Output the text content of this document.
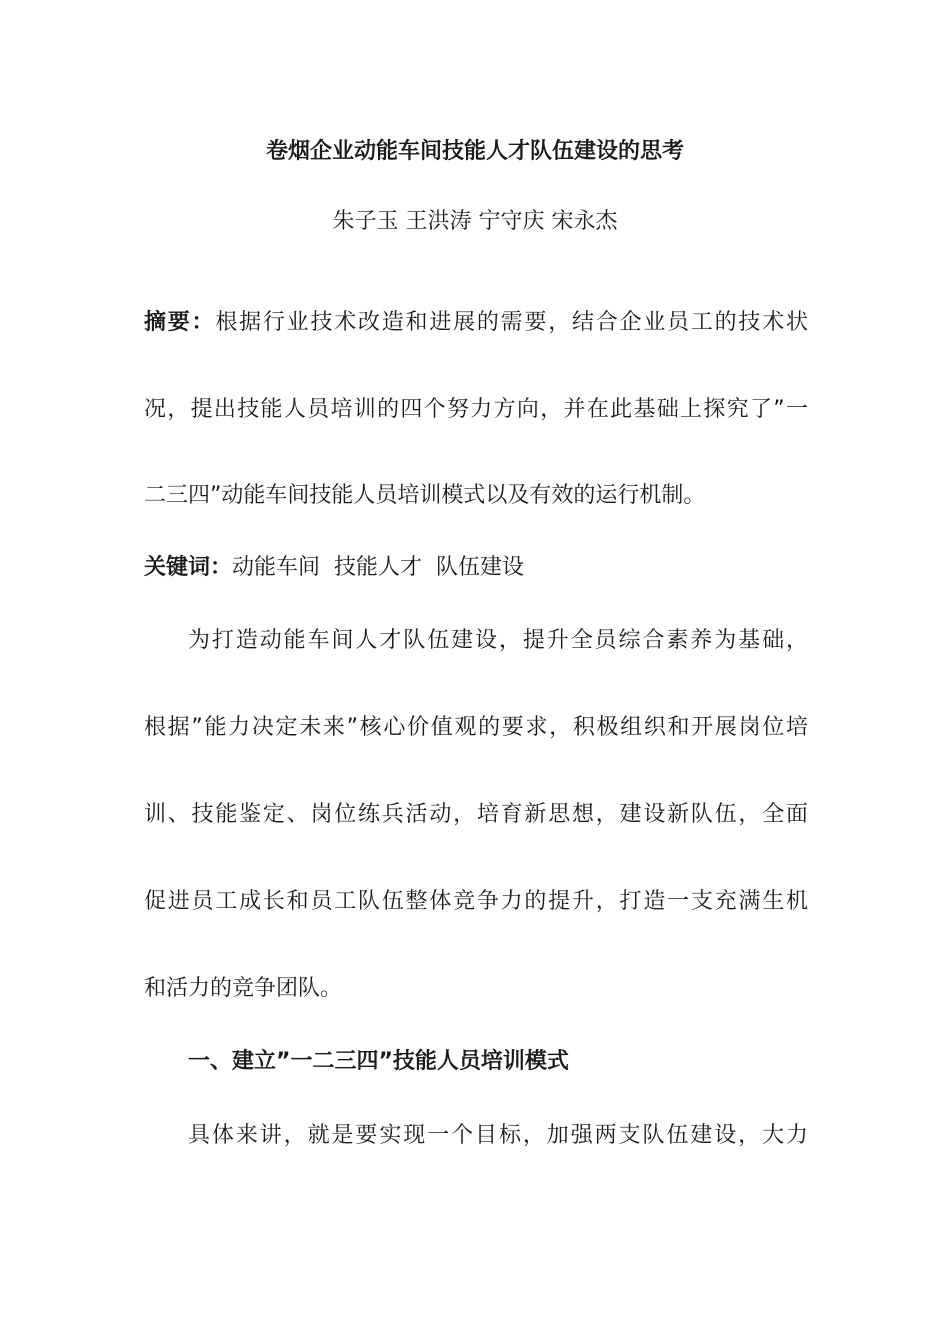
卷烟企业动能车间技能人才队伍建设的思考
朱子玉 王洪涛 宁守庆 宋永杰
摘要：根据行业技术改造和进展的需要，结合企业员工的技术状
况，提出技能人员培训的四个努力方向，并在此基础上探究了”一
二三四”动能车间技能人员培训模式以及有效的运行机制。
关键词：动能车间 技能人才 队伍建设
为打造动能车间人才队伍建设，提升全员综合素养为基础，
根据”能力决定未来”核心价值观的要求，积极组织和开展岗位培
训、技能鉴定、岗位练兵活动，培育新思想，建设新队伍，全面
促进员工成长和员工队伍整体竞争力的提升，打造一支充满生机
和活力的竞争团队。
一、建立”一二三四”技能人员培训模式
具体来讲，就是要实现一个目标，加强两支队伍建设，大力
